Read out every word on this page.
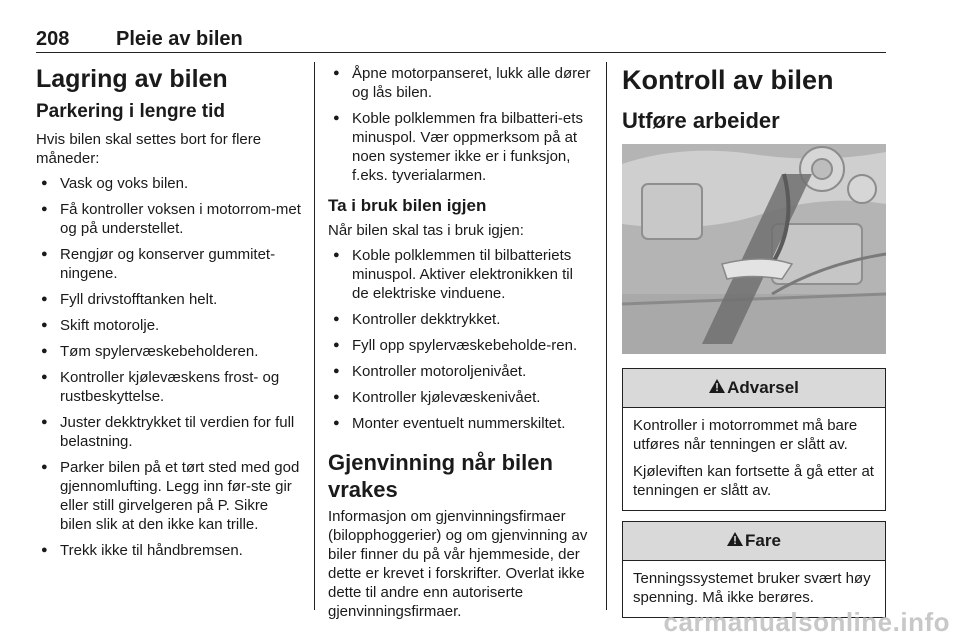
208 Pleie av bilen
Lagring av bilen
Parkering i lengre tid

Hvis bilen skal settes bort for flere måneder:

● Vask og voks bilen.
● Få kontroller voksen i motorrom-met og på understellet.
● Rengjør og konserver gummitet-ningene.
● Fyll drivstofftanken helt.
● Skift motorolje.
● Tøm spylervæskebeholderen.
● Kontroller kjølevæskens frost- og rustbeskyttelse.
● Juster dekktrykket til verdien for full belastning.
● Parker bilen på et tørt sted med god gjennomlufting. Legg inn før-ste gir eller still girvelgeren på P. Sikre bilen slik at den ikke kan trille.
● Trekk ikke til håndbremsen.
● Åpne motorpanseret, lukk alle dører og lås bilen.
● Koble polklemmen fra bilbatteri-ets minuspol. Vær oppmerksom på at noen systemer ikke er i funksjon, f.eks. tyverialarmen.
Ta i bruk bilen igjen

Når bilen skal tas i bruk igjen:

● Koble polklemmen til bilbatteriets minuspol. Aktiver elektronikken til de elektriske vinduene.
● Kontroller dekktrykket.
● Fyll opp spylervæskebeholde-ren.
● Kontroller motoroljenivået.
● Kontroller kjølevæskenivået.
● Monter eventuelt nummerskiltet.
Gjenvinning når bilen vrakes

Informasjon om gjenvinningsfirmaer (bilopphoggerier) og om gjenvinning av biler finner du på vår hjemmeside, der dette er krevet i forskrifter. Overlat ikke dette til andre enn autoriserte gjenvinningsfirmaer.

Kontroll av bilen
Utføre arbeider
Advarsel

Kontroller i motorrommet må bare utføres når tenningen er slått av.

Kjøleviften kan fortsette å gå etter at tenningen er slått av.

Fare

Tenningssystemet bruker svært høy spenning. Må ikke berøres.

carmanualsonline.info
